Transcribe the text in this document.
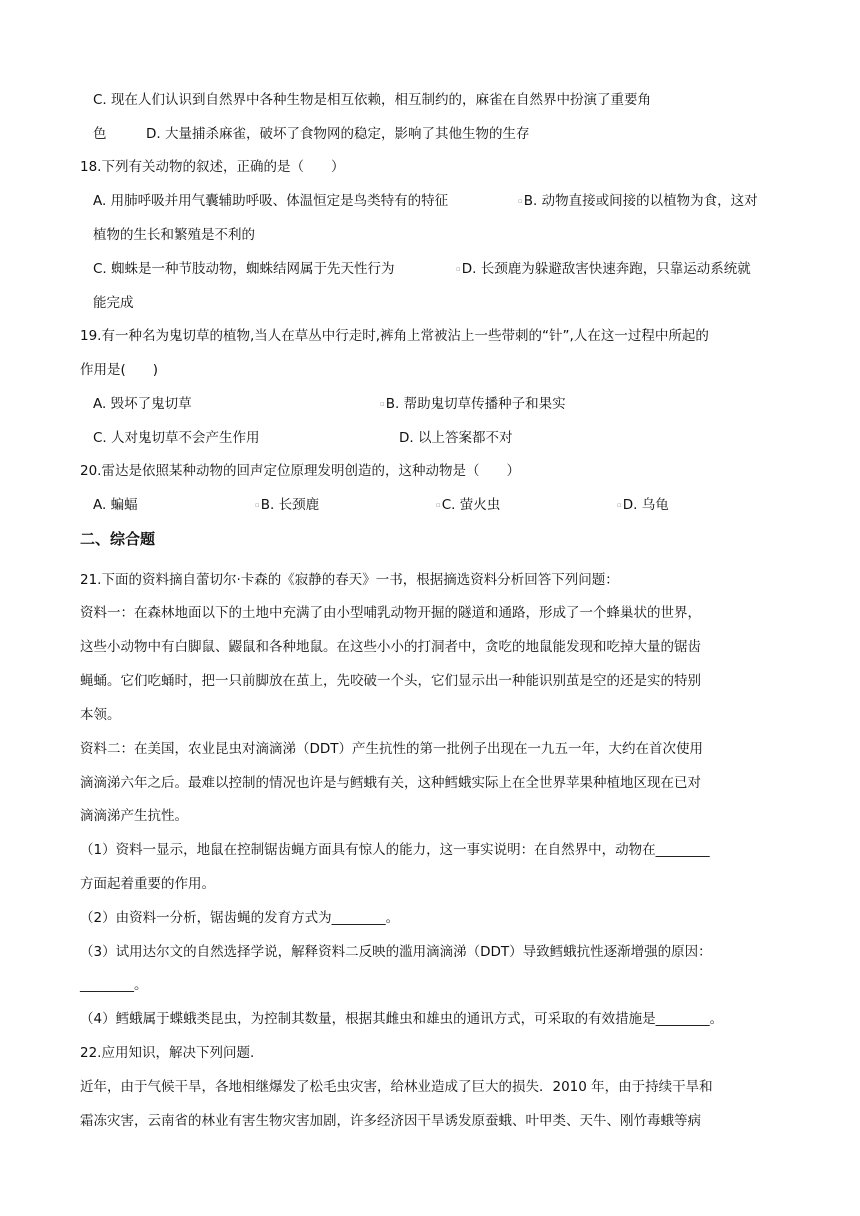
C. 现在人们认识到自然界中各种生物是相互依赖，相互制约的，麻雀在自然界中扮演了重要角
色	D. 大量捕杀麻雀，破坏了食物网的稳定，影响了其他生物的生存
18.下列有关动物的叙述，正确的是（　　）
A. 用肺呼吸并用气囊辅助呼吸、体温恒定是鸟类特有的特征	▫B. 动物直接或间接的以植物为食，这对
植物的生长和繁殖是不利的
C. 蜘蛛是一种节肢动物，蜘蛛结网属于先天性行为	▫D. 长颈鹿为躲避敌害快速奔跑，只靠运动系统就
能完成
19.有一种名为鬼切草的植物,当人在草丛中行走时,裤角上常被沾上一些带刺的“针”,人在这一过程中所起的
作用是(　　)
A. 毁坏了鬼切草	▫B. 帮助鬼切草传播种子和果实
C. 人对鬼切草不会产生作用	D. 以上答案都不对
20.雷达是依照某种动物的回声定位原理发明创造的，这种动物是（　　）
A. 蝙蝠	▫B. 长颈鹿	▫C. 萤火虫	▫D. 乌龟
二、综合题
21.下面的资料摘自蕾切尔·卡森的《寂静的春天》一书，根据摘选资料分析回答下列问题：
资料一：在森林地面以下的土地中充满了由小型哺乳动物开掘的隧道和通路，形成了一个蜂巢状的世界，
这些小动物中有白脚鼠、鼹鼠和各种地鼠。在这些小小的打洞者中，贪吃的地鼠能发现和吃掉大量的锯齿
蝇蛹。它们吃蛹时，把一只前脚放在茧上，先咬破一个头，它们显示出一种能识别茧是空的还是实的特别
本领。
资料二：在美国，农业昆虫对滴滴涕（DDT）产生抗性的第一批例子出现在一九五一年，大约在首次使用
滴滴涕六年之后。最难以控制的情况也许是与鳕蛾有关，这种鳕蛾实际上在全世界苹果种植地区现在已对
滴滴涕产生抗性。
（1）资料一显示，地鼠在控制锯齿蝇方面具有惊人的能力，这一事实说明：在自然界中，动物在________
方面起着重要的作用。
（2）由资料一分析，锯齿蝇的发育方式为________。
（3）试用达尔文的自然选择学说，解释资料二反映的滥用滴滴涕（DDT）导致鳕蛾抗性逐渐增强的原因：
________。
（4）鳕蛾属于蝶蛾类昆虫，为控制其数量，根据其雌虫和雄虫的通讯方式，可采取的有效措施是________。
22.应用知识，解决下列问题.
近年，由于气候干旱，各地相继爆发了松毛虫灾害，给林业造成了巨大的损失．2010 年，由于持续干旱和
霜冻灾害，云南省的林业有害生物灾害加剧，许多经济因干旱诱发原蚕蛾、叶甲类、天牛、刚竹毒蛾等病
